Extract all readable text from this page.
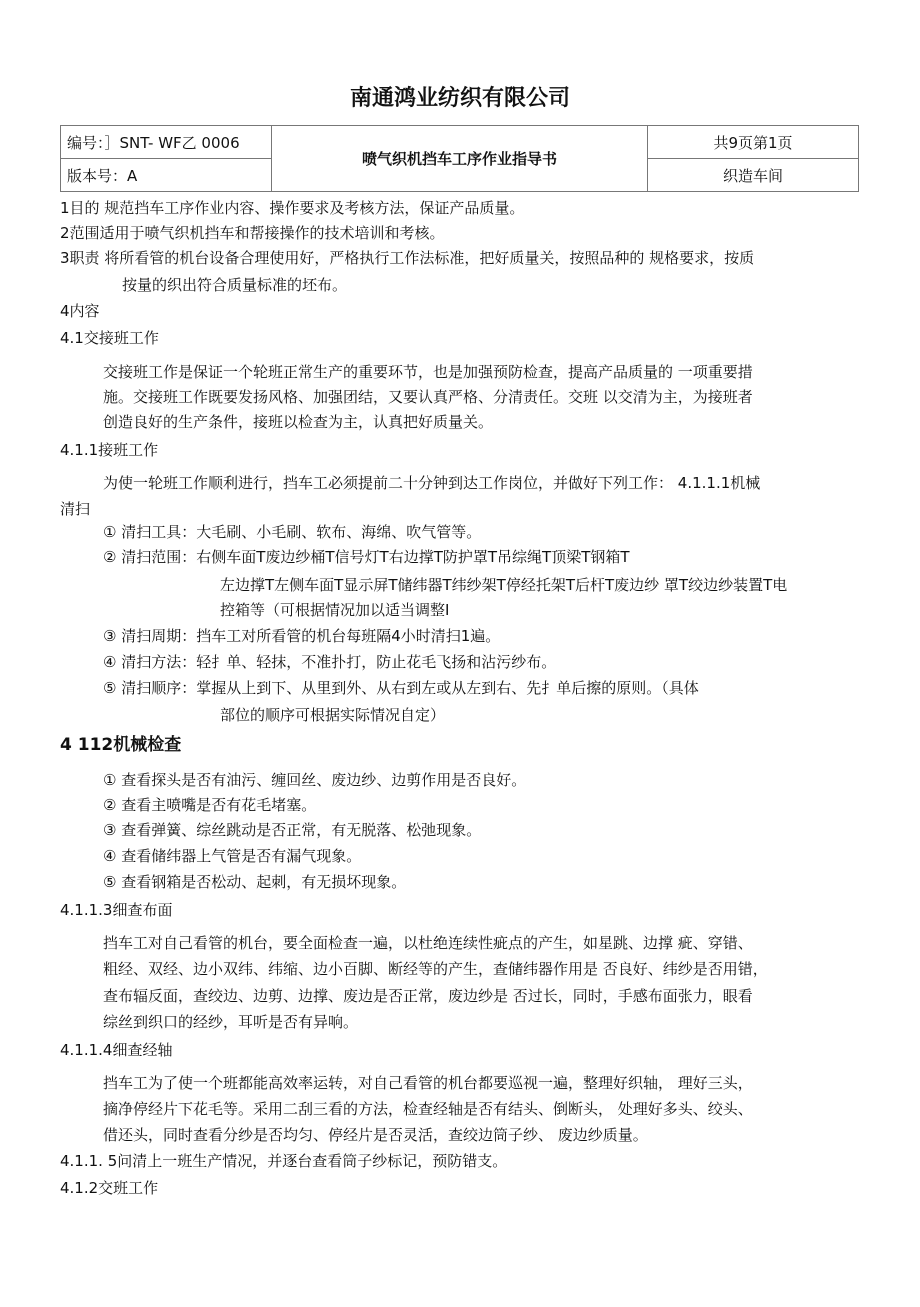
南通鸿业纺织有限公司
编号：］SNT- WF乙 0006	喷气织机挡车工序作业指导书	共9页第1页
版本号：A		织造车间
1目的 规范挡车工序作业内容、操作要求及考核方法，保证产品质量。
2范围适用于喷气织机挡车和帮接操作的技术培训和考核。
3职责 将所看管的机台设备合理使用好，严格执行工作法标准，把好质量关，按照品种的 规格要求，按质
按量的织出符合质量标准的坯布。
4内容
4.1交接班工作
交接班工作是保证一个轮班正常生产的重要环节，也是加强预防检查，提高产品质量的 一项重要措
施。交接班工作既要发扬风格、加强团结，又要认真严格、分清责任。交班 以交清为主，为接班者
创造良好的生产条件，接班以检查为主，认真把好质量关。
4.1.1接班工作
为使一轮班工作顺利进行，挡车工必须提前二十分钟到达工作岗位，并做好下列工作： 4.1.1.1机械
清扫
① 清扫工具：大毛刷、小毛刷、软布、海绵、吹气管等。
② 清扫范围：右侧车面T废边纱桶T信号灯T右边撑T防护罩T吊综绳T顶梁T钢箱T
左边撑T左侧车面T显示屏T储纬器T纬纱架T停经托架T后杆T废边纱 罩T绞边纱装置T电
控箱等（可根据情况加以适当调整I
③ 清扫周期：挡车工对所看管的机台每班隔4小时清扫1遍。
④ 清扫方法：轻扌单、轻抹，不准扑打，防止花毛飞扬和沾污纱布。
⑤ 清扫顺序：掌握从上到下、从里到外、从右到左或从左到右、先扌单后擦的原则。（具体
部位的顺序可根据实际情况自定）
4 112机械检查
① 查看探头是否有油污、缠回丝、废边纱、边剪作用是否良好。
② 查看主喷嘴是否有花毛堵塞。
③ 查看弹簧、综丝跳动是否正常，有无脱落、松弛现象。
④ 查看储纬器上气管是否有漏气现象。
⑤ 查看钢箱是否松动、起刺，有无损坏现象。
4.1.1.3细查布面
挡车工对自己看管的机台，要全面检查一遍，以杜绝连续性疵点的产生，如星跳、边撑 疵、穿错、
粗经、双经、边小双纬、纬缩、边小百脚、断经等的产生，查储纬器作用是 否良好、纬纱是否用错，
查布辐反面，查绞边、边剪、边撑、废边是否正常，废边纱是 否过长，同时，手感布面张力，眼看
综丝到织口的经纱，耳听是否有异响。
4.1.1.4细查经轴
挡车工为了使一个班都能高效率运转，对自己看管的机台都要巡视一遍，整理好织轴， 理好三头，
摘净停经片下花毛等。采用二刮三看的方法，检查经轴是否有结头、倒断头， 处理好多头、绞头、
借还头，同时查看分纱是否均匀、停经片是否灵活，查绞边筒子纱、 废边纱质量。
4.1.1. 5问清上一班生产情况，并逐台查看筒子纱标记，预防错支。
4.1.2交班工作
